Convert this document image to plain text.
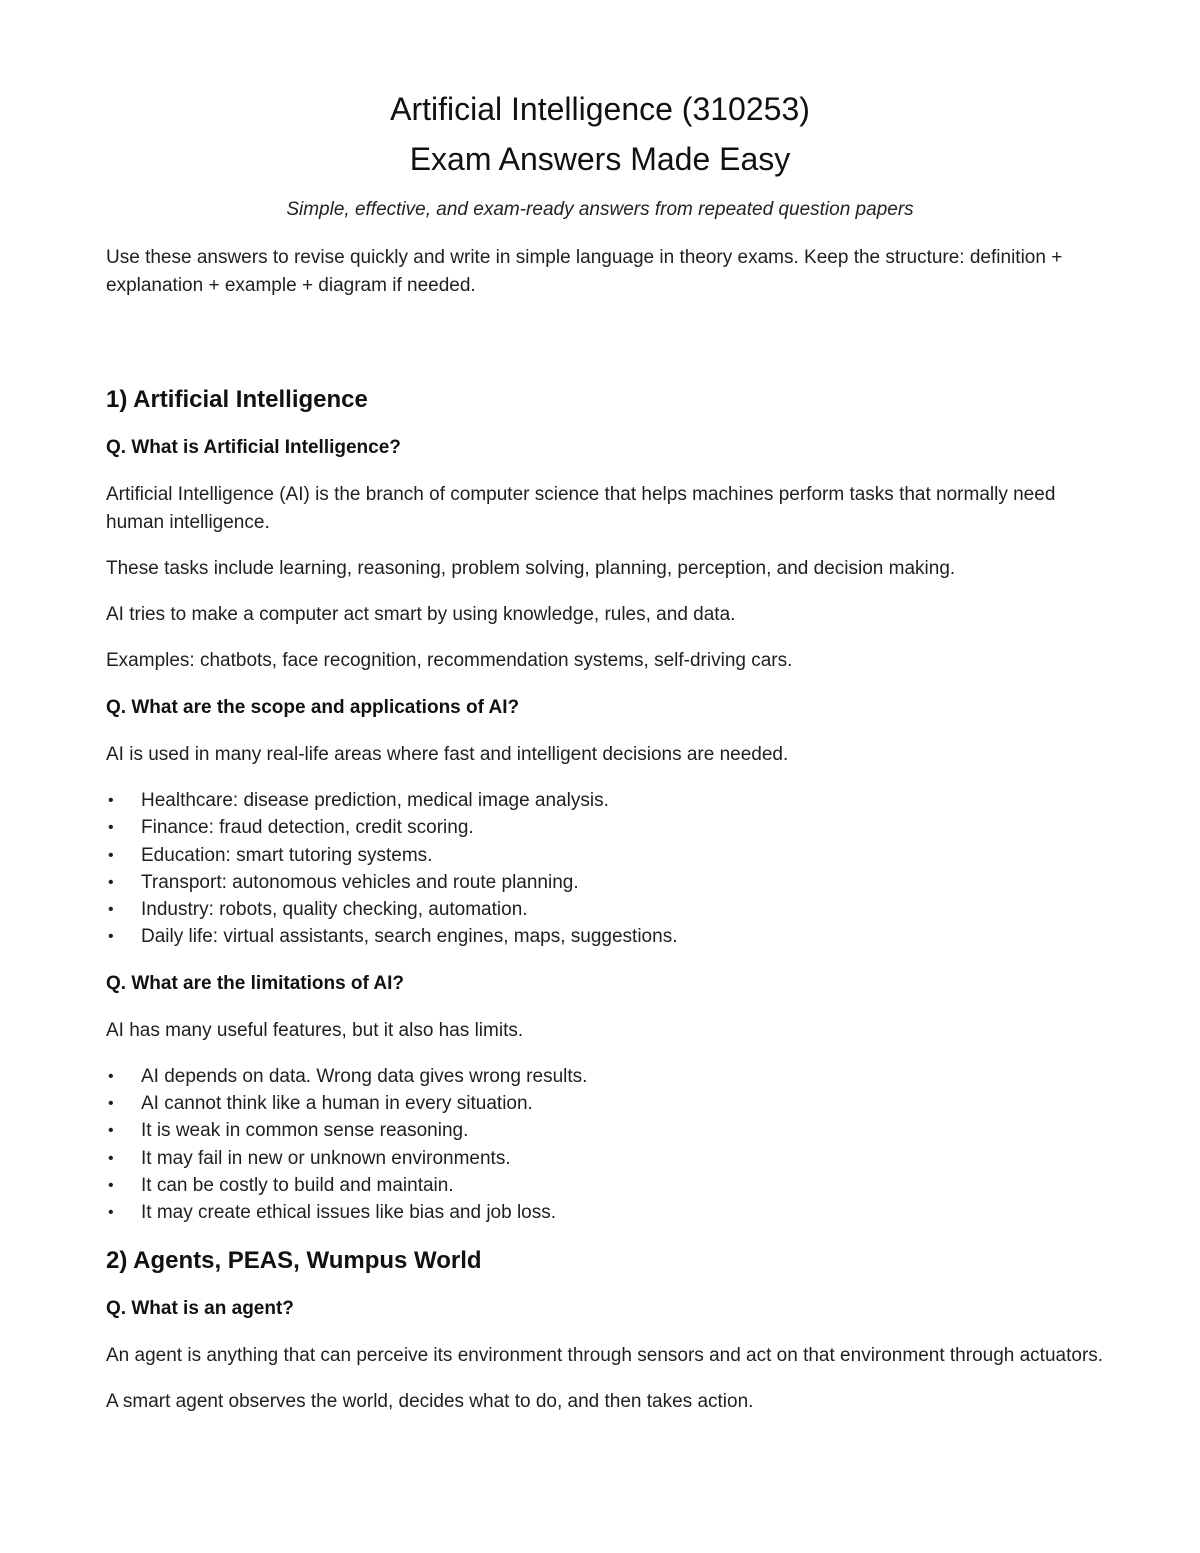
Artificial Intelligence (310253)
Exam Answers Made Easy
Simple, effective, and exam-ready answers from repeated question papers

Use these answers to revise quickly and write in simple language in theory exams. Keep the structure: definition + explanation + example + diagram if needed.

1) Artificial Intelligence

Q. What is Artificial Intelligence?

Artificial Intelligence (AI) is the branch of computer science that helps machines perform tasks that normally need human intelligence.

These tasks include learning, reasoning, problem solving, planning, perception, and decision making.

AI tries to make a computer act smart by using knowledge, rules, and data.

Examples: chatbots, face recognition, recommendation systems, self-driving cars.

Q. What are the scope and applications of AI?

AI is used in many real-life areas where fast and intelligent decisions are needed.

• Healthcare: disease prediction, medical image analysis.
• Finance: fraud detection, credit scoring.
• Education: smart tutoring systems.
• Transport: autonomous vehicles and route planning.
• Industry: robots, quality checking, automation.
• Daily life: virtual assistants, search engines, maps, suggestions.

Q. What are the limitations of AI?

AI has many useful features, but it also has limits.

• AI depends on data. Wrong data gives wrong results.
• AI cannot think like a human in every situation.
• It is weak in common sense reasoning.
• It may fail in new or unknown environments.
• It can be costly to build and maintain.
• It may create ethical issues like bias and job loss.
2) Agents, PEAS, Wumpus World

Q. What is an agent?

An agent is anything that can perceive its environment through sensors and act on that environment through actuators.

A smart agent observes the world, decides what to do, and then takes action.
